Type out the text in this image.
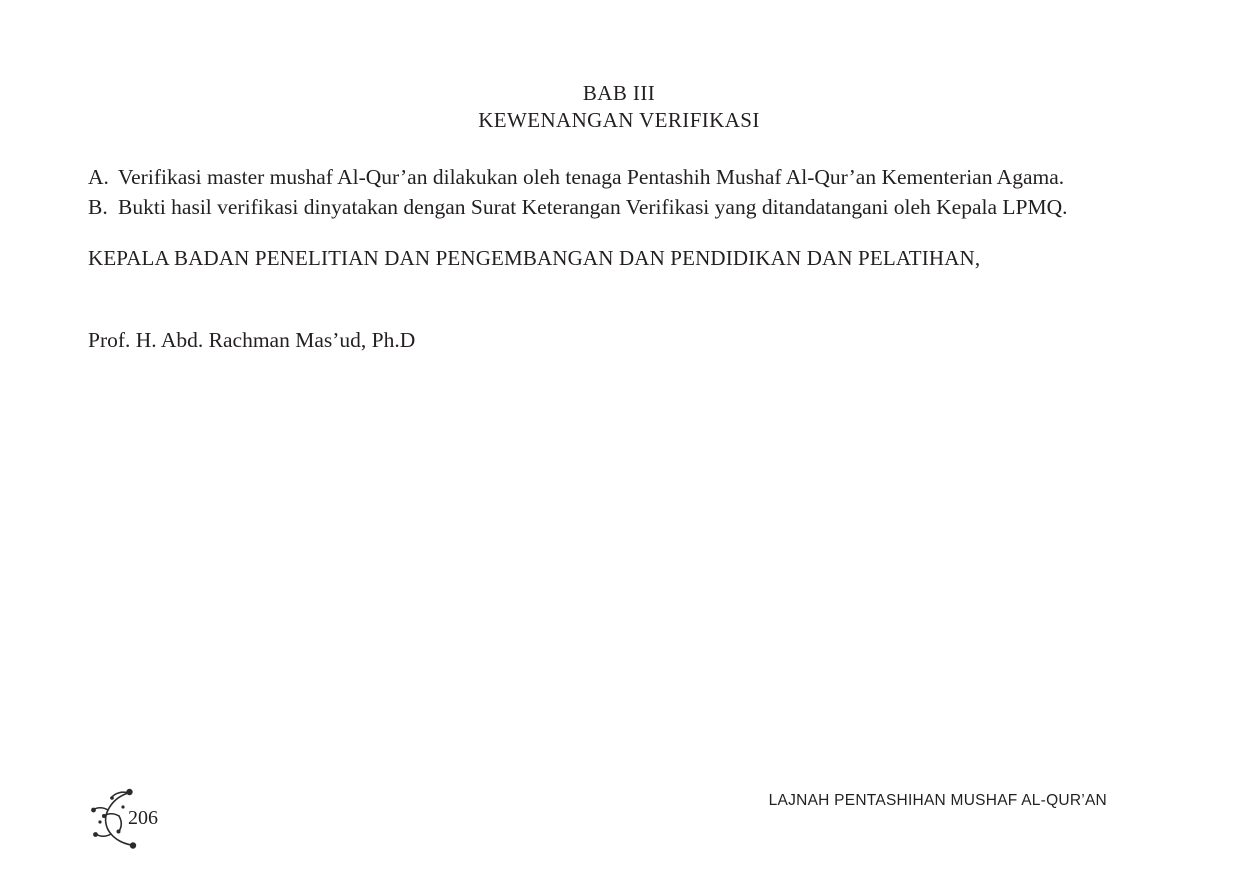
BAB III
KEWENANGAN VERIFIKASI
A. Verifikasi master mushaf Al-Qur’an dilakukan oleh tenaga Pentashih Mushaf Al-Qur’an Kementerian Agama.
B. Bukti hasil verifikasi dinyatakan dengan Surat Keterangan Verifikasi yang ditandatangani oleh Kepala LPMQ.
KEPALA BADAN PENELITIAN DAN PENGEMBANGAN DAN PENDIDIKAN DAN PELATIHAN,
Prof. H. Abd. Rachman Mas’ud, Ph.D
206
LAJNAH PENTASHIHAN MUSHAF AL-QUR’AN
